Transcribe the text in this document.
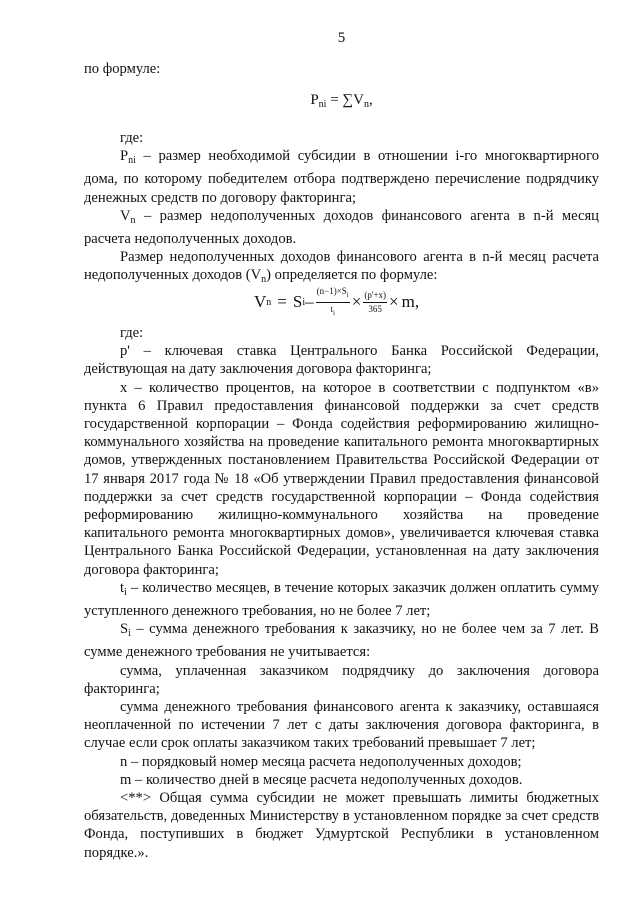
5

по формуле:

$P_{ni} = \sum V_n$,

где:

$P_{ni}$ – размер необходимой субсидии в отношении i-го многоквартирного дома, по которому победителем отбора подтверждено перечисление подрядчику денежных средств по договору факторинга;

$V_n$ – размер недополученных доходов финансового агента в n-й месяц расчета недополученных доходов.

Размер недополученных доходов финансового агента в n-й месяц расчета недополученных доходов $(V_n)$ определяется по формуле:

V n = S $i - \frac{(n-1)\times S_i}{t_i} \times \frac{(p'+x)}{365} \times m$,

где:

p' – ключевая ставка Центрального Банка Российской Федерации, действующая на дату заключения договора факторинга;

x – количество процентов, на которое в соответствии с подпунктом «в» пункта 6 Правил предоставления финансовой поддержки за счет средств государственной корпорации – Фонда содействия реформированию жилищно-коммунального хозяйства на проведение капитального ремонта многоквартирных домов, утвержденных постановлением Правительства Российской Федерации от 17 января 2017 года № 18 «Об утверждении Правил предоставления финансовой поддержки за счет средств государственной корпорации – Фонда содействия реформированию жилищно-коммунального хозяйства на проведение капитального ремонта многоквартирных домов», увеличивается ключевая ставка Центрального Банка Российской Федерации, установленная на дату заключения договора факторинга;

$t_i$ – количество месяцев, в течение которых заказчик должен оплатить сумму уступленного денежного требования, но не более 7 лет;

$S_i$ – сумма денежного требования к заказчику, но не более чем за 7 лет. В сумме денежного требования не учитывается:

сумма, уплаченная заказчиком подрядчику до заключения договора факторинга;

сумма денежного требования финансового агента к заказчику, оставшаяся неоплаченной по истечении 7 лет с даты заключения договора факторинга, в случае если срок оплаты заказчиком таких требований превышает 7 лет;

n – порядковый номер месяца расчета недополученных доходов;

m – количество дней в месяце расчета недополученных доходов.

<**> Общая сумма субсидии не может превышать лимиты бюджетных обязательств, доведенных Министерству в установленном порядке за счет средств Фонда, поступивших в бюджет Удмуртской Республики в установленном порядке.».
